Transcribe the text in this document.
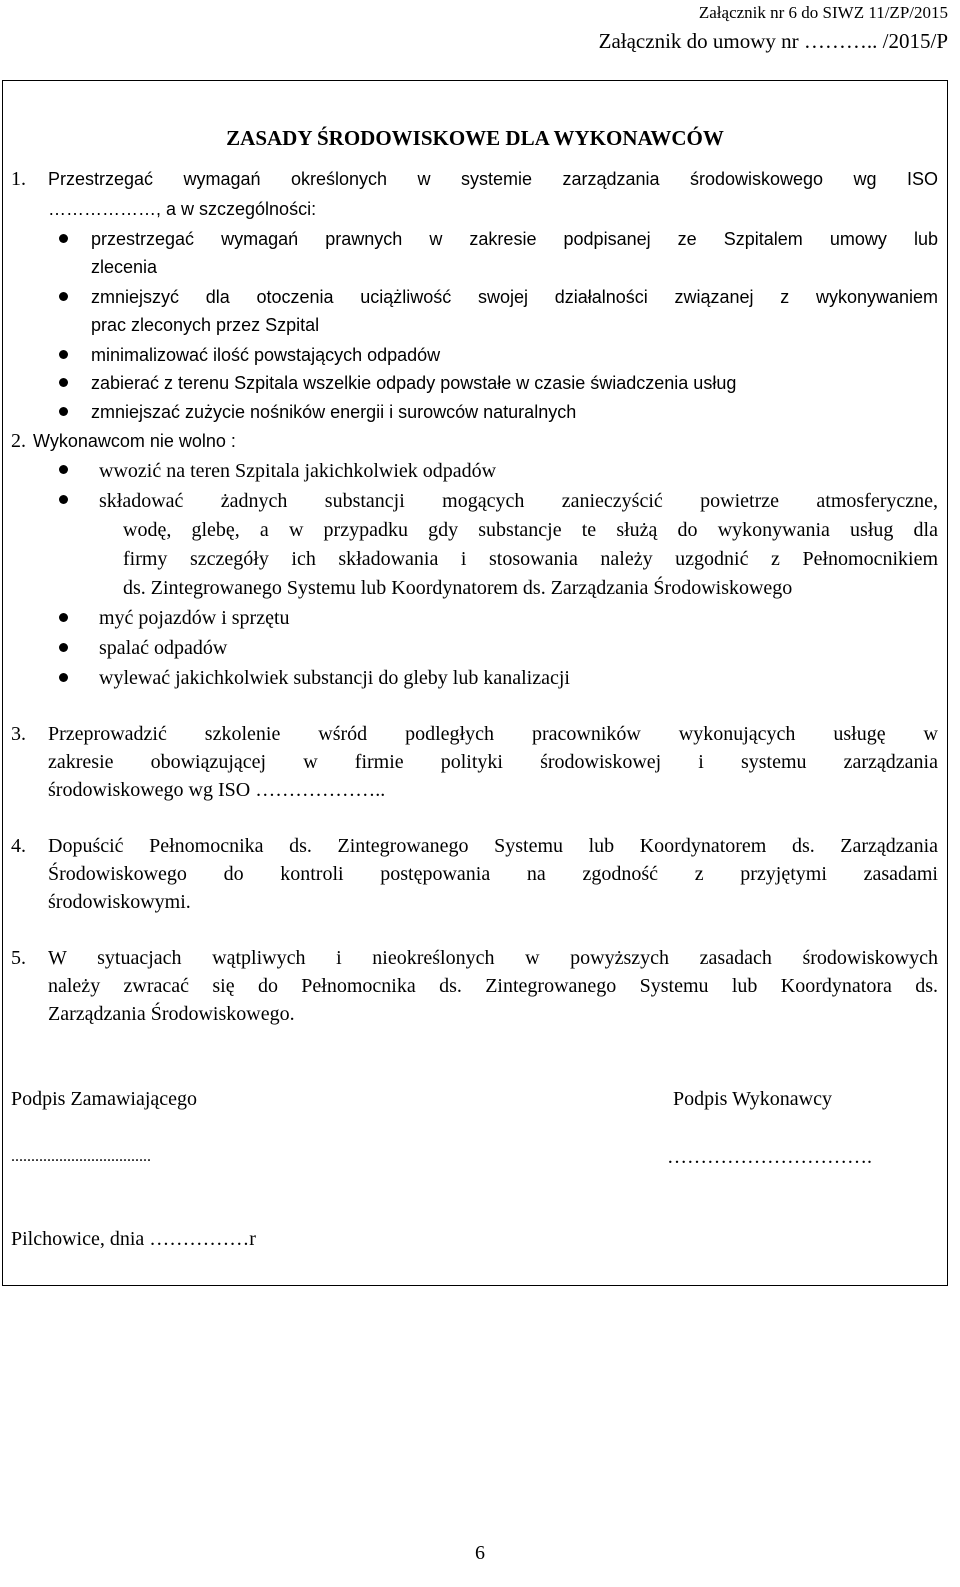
Załącznik nr 6 do SIWZ 11/ZP/2015
Załącznik do umowy nr ……….. /2015/P
ZASADY ŚRODOWISKOWE DLA WYKONAWCÓW
1. Przestrzegać wymagań określonych w systemie zarządzania środowiskowego wg ISO
………………, a w szczególności:
przestrzegać wymagań prawnych w zakresie podpisanej ze Szpitalem umowy lub
zlecenia
zmniejszyć dla otoczenia uciążliwość swojej działalności związanej z wykonywaniem
prac zleconych przez Szpital
minimalizować ilość powstających odpadów
zabierać z terenu Szpitala wszelkie odpady powstałe w czasie świadczenia usług
zmniejszać zużycie nośników energii i surowców naturalnych
2. Wykonawcom nie wolno :
wwozić na teren Szpitala jakichkolwiek odpadów
składować żadnych substancji mogących zanieczyścić powietrze atmosferyczne,
wodę, glebę, a w przypadku gdy substancje te służą do wykonywania usług dla
firmy szczegóły ich składowania i stosowania należy uzgodnić z Pełnomocnikiem
ds. Zintegrowanego Systemu lub Koordynatorem ds. Zarządzania Środowiskowego
myć pojazdów i sprzętu
spalać odpadów
wylewać jakichkolwiek substancji do gleby lub kanalizacji
3. Przeprowadzić szkolenie wśród podległych pracowników wykonujących usługę w
zakresie obowiązującej w firmie polityki środowiskowej i systemu zarządzania
środowiskowego wg ISO ………………..
4. Dopuścić Pełnomocnika ds. Zintegrowanego Systemu lub Koordynatorem ds. Zarządzania
Środowiskowego do kontroli postępowania na zgodność z przyjętymi zasadami
środowiskowymi.
5. W sytuacjach wątpliwych i nieokreślonych w powyższych zasadach środowiskowych
należy zwracać się do Pełnomocnika ds. Zintegrowanego Systemu lub Koordynatora ds.
Zarządzania Środowiskowego.
Podpis Zamawiającego	Podpis Wykonawcy
...................................	………………………….
Pilchowice, dnia ……………r
6
